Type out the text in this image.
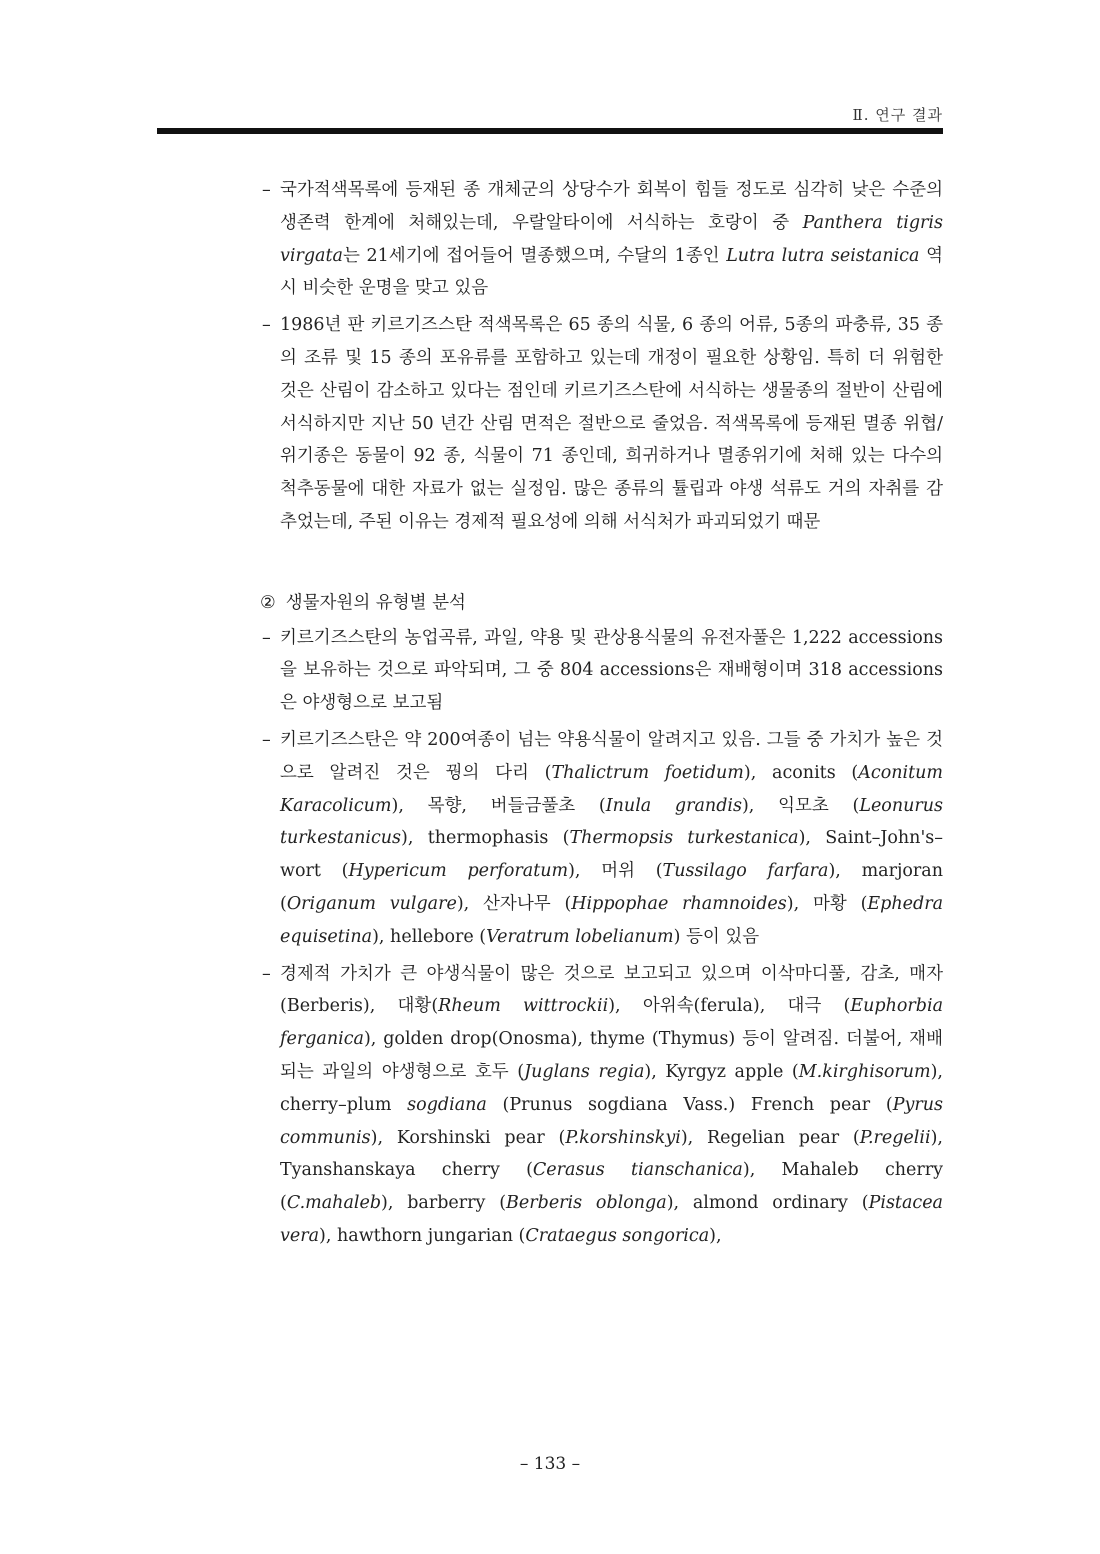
Ⅱ. 연구 결과
– 국가적색목록에 등재된 종 개체군의 상당수가 회복이 힘들 정도로 심각히 낮은 수준의 생존력 한계에 처해있는데, 우랄알타이에 서식하는 호랑이 중 Panthera tigris virgata는 21세기에 접어들어 멸종했으며, 수달의 1종인 Lutra lutra seistanica 역시 비슷한 운명을 맞고 있음
– 1986년 판 키르기즈스탄 적색목록은 65 종의 식물, 6 종의 어류, 5종의 파충류, 35 종의 조류 및 15 종의 포유류를 포함하고 있는데 개정이 필요한 상황임. 특히 더 위험한 것은 산림이 감소하고 있다는 점인데 키르기즈스탄에 서식하는 생물종의 절반이 산림에 서식하지만 지난 50 년간 산림 면적은 절반으로 줄었음. 적색목록에 등재된 멸종 위협/위기종은 동물이 92 종, 식물이 71 종인데, 희귀하거나 멸종위기에 처해 있는 다수의 척추동물에 대한 자료가 없는 실정임. 많은 종류의 튤립과 야생 석류도 거의 자취를 감추었는데, 주된 이유는 경제적 필요성에 의해 서식처가 파괴되었기 때문
② 생물자원의 유형별 분석
– 키르기즈스탄의 농업곡류, 과일, 약용 및 관상용식물의 유전자풀은 1,222 accessions을 보유하는 것으로 파악되며, 그 중 804 accessions은 재배형이며 318 accessions은 야생형으로 보고됨
– 키르기즈스탄은 약 200여종이 넘는 약용식물이 알려지고 있음. 그들 중 가치가 높은 것으로 알려진 것은 꿩의 다리 (Thalictrum foetidum), aconits (Aconitum Karacolicum), 목향, 버들금풀초 (Inula grandis), 익모초 (Leonurus turkestanicus), thermophasis (Thermopsis turkestanica), Saint–John's–wort (Hypericum perforatum), 머위 (Tussilago farfara), marjoran (Origanum vulgare), 산자나무 (Hippophae rhamnoides), 마황 (Ephedra equisetina), hellebore (Veratrum lobelianum) 등이 있음
– 경제적 가치가 큰 야생식물이 많은 것으로 보고되고 있으며 이삭마디풀, 감초, 매자(Berberis), 대황(Rheum wittrockii), 아위속(ferula), 대극 (Euphorbia ferganica), golden drop(Onosma), thyme (Thymus) 등이 알려짐. 더불어, 재배되는 과일의 야생형으로 호두 (Juglans regia), Kyrgyz apple (M.kirghisorum), cherry–plum sogdiana (Prunus sogdiana Vass.) French pear (Pyrus communis), Korshinski pear (P.korshinskyi), Regelian pear (P.regelii), Tyanshanskaya cherry (Cerasus tianschanica), Mahaleb cherry (C.mahaleb), barberry (Berberis oblonga), almond ordinary (Pistacea vera), hawthorn jungarian (Crataegus songorica),
– 133 –
